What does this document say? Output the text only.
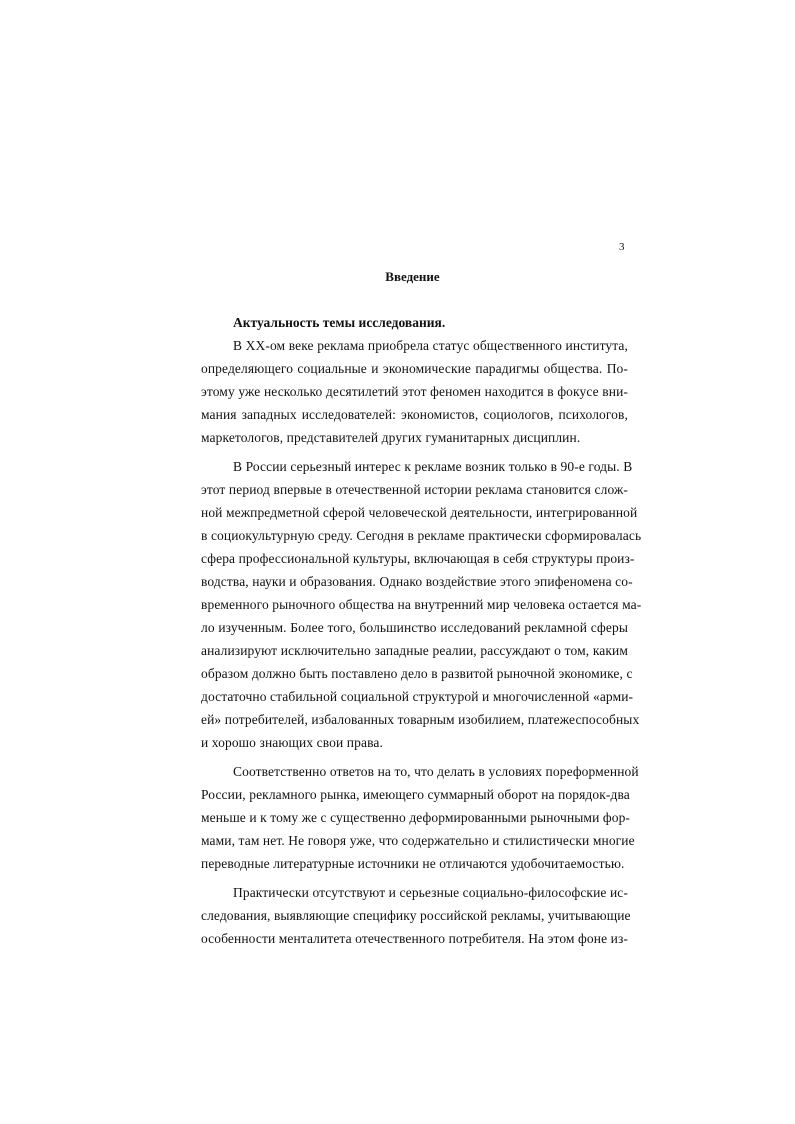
3
Введение
Актуальность темы исследования.
В XX-ом веке реклама приобрела статус общественного института,
определяющего социальные и экономические парадигмы общества. По-
этому уже несколько десятилетий этот феномен находится в фокусе вни-
мания западных исследователей: экономистов, социологов, психологов,
маркетологов, представителей других гуманитарных дисциплин.
В России серьезный интерес к рекламе возник только в 90-е годы. В
этот период впервые в отечественной истории реклама становится слож-
ной межпредметной сферой человеческой деятельности, интегрированной
в социокультурную среду. Сегодня в рекламе практически сформировалась
сфера профессиональной культуры, включающая в себя структуры произ-
водства, науки и образования. Однако воздействие этого эпифеномена со-
временного рыночного общества на внутренний мир человека остается ма-
ло изученным. Более того, большинство исследований рекламной сферы
анализируют исключительно западные реалии, рассуждают о том, каким
образом должно быть поставлено дело в развитой рыночной экономике, с
достаточно стабильной социальной структурой и многочисленной «арми-
ей» потребителей, избалованных товарным изобилием, платежеспособных
и хорошо знающих свои права.
Соответственно ответов на то, что делать в условиях пореформенной
России, рекламного рынка, имеющего суммарный оборот на порядок-два
меньше и к тому же с существенно деформированными рыночными фор-
мами, там нет. Не говоря уже, что содержательно и стилистически многие
переводные литературные источники не отличаются удобочитаемостью.
Практически отсутствуют и серьезные социально-философские ис-
следования, выявляющие специфику российской рекламы, учитывающие
особенности менталитета отечественного потребителя. На этом фоне из-
